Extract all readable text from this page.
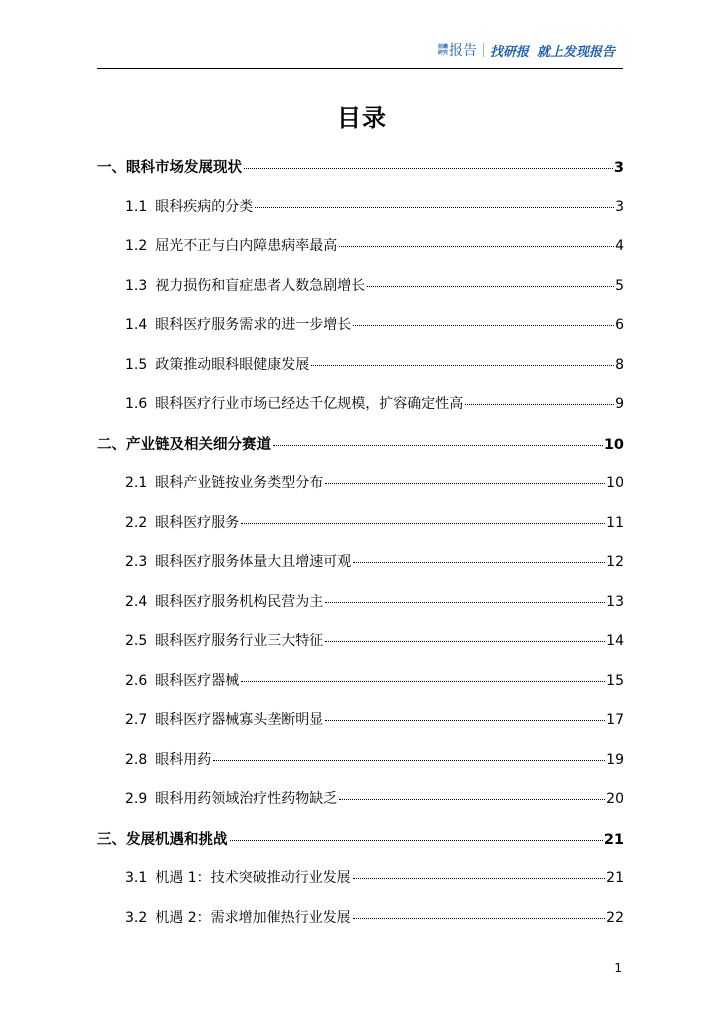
前瞻
研究 报告 找研报 就上发现报告
目录
一、 眼科市场发展现状	3
1.1 眼科疾病的分类	3
1.2 屈光不正与白内障患病率最高	4
1.3 视力损伤和盲症患者人数急剧增长	5
1.4 眼科医疗服务需求的进一步增长	6
1.5 政策推动眼科眼健康发展	8
1.6 眼科医疗行业市场已经达千亿规模，扩容确定性高	9
二、 产业链及相关细分赛道	10
2.1 眼科产业链按业务类型分布	10
2.2 眼科医疗服务	11
2.3 眼科医疗服务体量大且增速可观	12
2.4 眼科医疗服务机构民营为主	13
2.5 眼科医疗服务行业三大特征	14
2.6 眼科医疗器械	15
2.7 眼科医疗器械寡头垄断明显	17
2.8 眼科用药	19
2.9 眼科用药领域治疗性药物缺乏	20
三、 发展机遇和挑战	21
3.1 机遇 1：技术突破推动行业发展	21
3.2 机遇 2：需求增加催热行业发展	22
1
